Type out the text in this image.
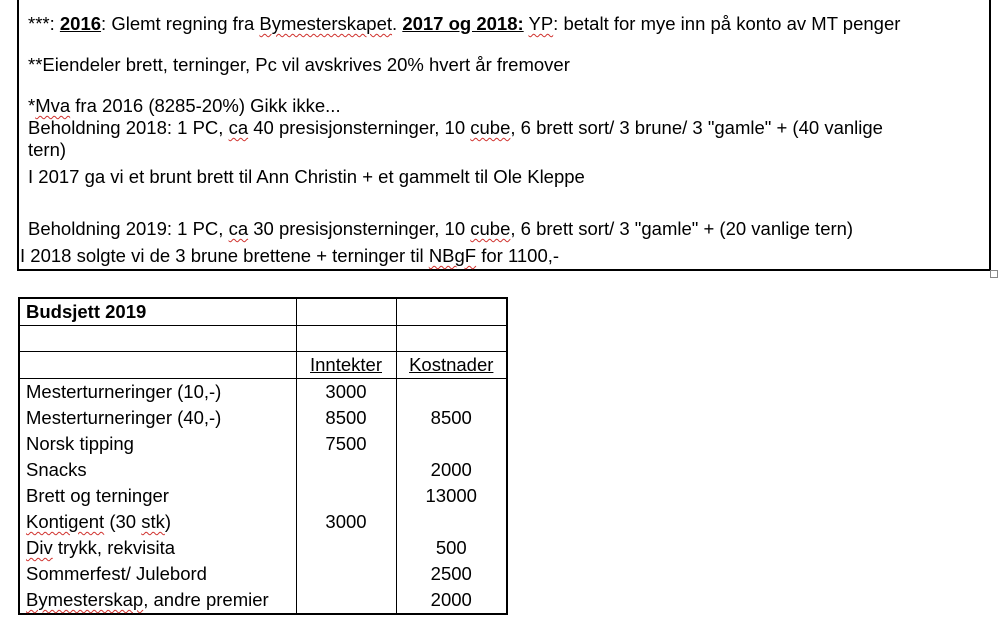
***: 2016: Glemt regning fra Bymesterskapet. 2017 og 2018: YP: betalt for mye inn på konto av MT penger
**Eiendeler brett, terninger, Pc vil avskrives 20% hvert år fremover
*Mva fra 2016 (8285-20%) Gikk ikke...
Beholdning 2018: 1 PC, ca 40 presisjonsterninger, 10 cube, 6 brett sort/ 3 brune/ 3 "gamle" + (40 vanlige
tern)
I 2017 ga vi et brunt brett til Ann Christin + et gammelt til Ole Kleppe
Beholdning 2019: 1 PC, ca 30 presisjonsterninger, 10 cube, 6 brett sort/ 3 "gamle" + (20 vanlige tern)
I 2018 solgte vi de 3 brune brettene + terninger til NBgF for 1100,-
Budsjett 2019		

	Inntekter	Kostnader
Mesterturneringer (10,-)	3000	
Mesterturneringer (40,-)	8500	8500
Norsk tipping	7500	
Snacks		2000
Brett og terninger		13000
Kontigent (30 stk)	3000	
Div trykk, rekvisita		500
Sommerfest/ Julebord		2500
Bymesterskap, andre premier		2000
